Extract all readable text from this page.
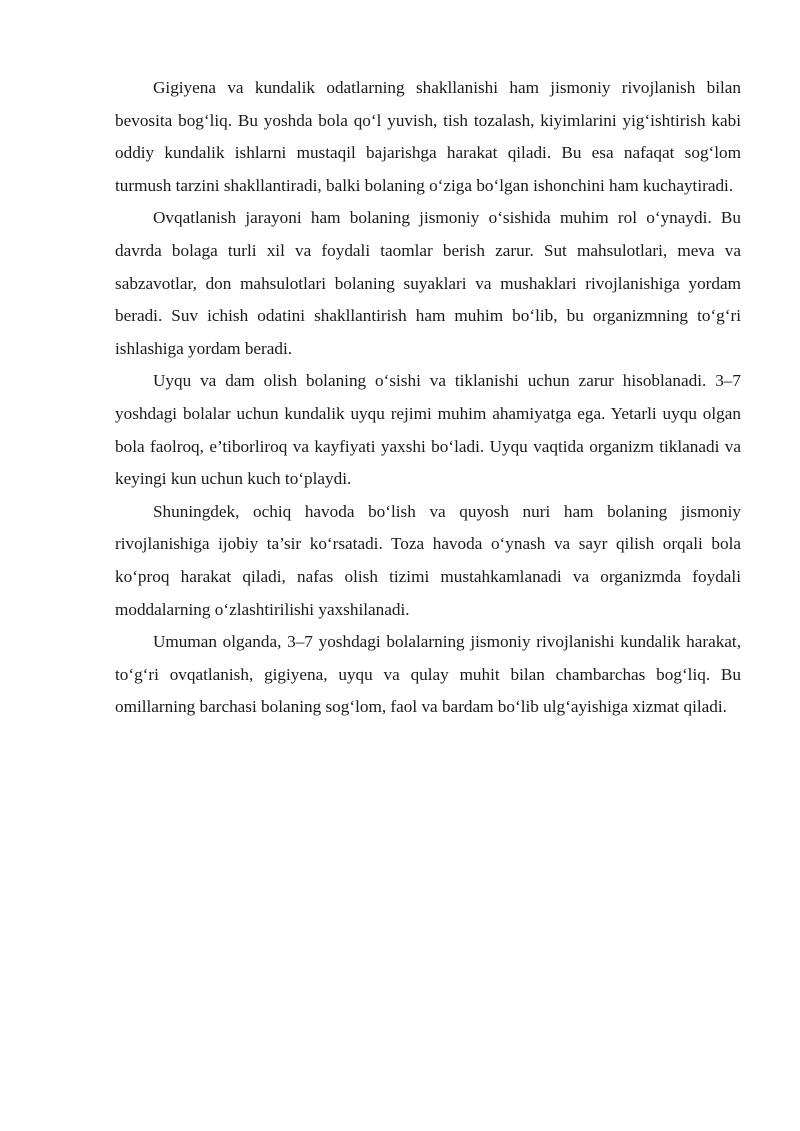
Gigiyena va kundalik odatlarning shakllanishi ham jismoniy rivojlanish bilan bevosita bog‘liq. Bu yoshda bola qo‘l yuvish, tish tozalash, kiyimlarini yig‘ishtirish kabi oddiy kundalik ishlarni mustaqil bajarishga harakat qiladi. Bu esa nafaqat sog‘lom turmush tarzini shakllantiradi, balki bolaning o‘ziga bo‘lgan ishonchini ham kuchaytiradi.

Ovqatlanish jarayoni ham bolaning jismoniy o‘sishida muhim rol o‘ynaydi. Bu davrda bolaga turli xil va foydali taomlar berish zarur. Sut mahsulotlari, meva va sabzavotlar, don mahsulotlari bolaning suyaklari va mushaklari rivojlanishiga yordam beradi. Suv ichish odatini shakllantirish ham muhim bo‘lib, bu organizmning to‘g‘ri ishlashiga yordam beradi.

Uyqu va dam olish bolaning o‘sishi va tiklanishi uchun zarur hisoblanadi. 3–7 yoshdagi bolalar uchun kundalik uyqu rejimi muhim ahamiyatga ega. Yetarli uyqu olgan bola faolroq, e’tiborliroq va kayfiyati yaxshi bo‘ladi. Uyqu vaqtida organizm tiklanadi va keyingi kun uchun kuch to‘playdi.

Shuningdek, ochiq havoda bo‘lish va quyosh nuri ham bolaning jismoniy rivojlanishiga ijobiy ta’sir ko‘rsatadi. Toza havoda o‘ynash va sayr qilish orqali bola ko‘proq harakat qiladi, nafas olish tizimi mustahkamlanadi va organizmda foydali moddalarning o‘zlashtirilishi yaxshilanadi.

Umuman olganda, 3–7 yoshdagi bolalarning jismoniy rivojlanishi kundalik harakat, to‘g‘ri ovqatlanish, gigiyena, uyqu va qulay muhit bilan chambarchas bog‘liq. Bu omillarning barchasi bolaning sog‘lom, faol va bardam bo‘lib ulg‘ayishiga xizmat qiladi.
